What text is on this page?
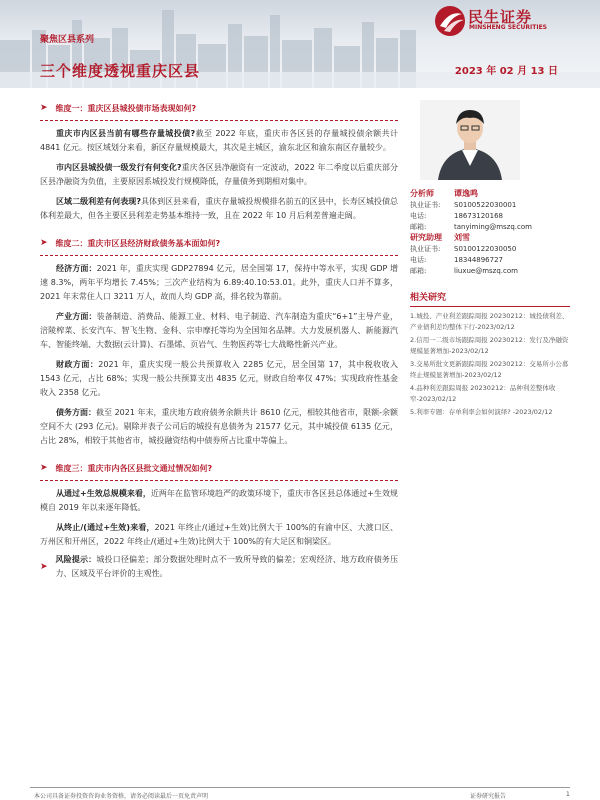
聚焦区县系列
三个维度透视重庆区县	2023 年 02 月 13 日
民生证券
MINSHENG SECURITIES
➤ 维度一：重庆区县城投债市场表现如何?

重庆市内区县当前有哪些存量城投债?截至 2022 年底，重庆市各区县的存量城投债余额共计 4841 亿元。按区域划分来看，新区存量规模最大，其次是主城区，渝东北区和渝东南区存量较少。

市内区县城投债一级发行有何变化?重庆各区县净融资有一定波动，2022 年二季度以后重庆部分区县净融资为负值，主要原因系城投发行规模降低，存量债务到期相对集中。

区域二级利差有何表现?具体到区县来看，重庆存量城投规模排名前五的区县中，长寿区城投债总体利差最大，但各主要区县利差走势基本维持一致，且在 2022 年 10 月后利差普遍走阔。

➤ 维度二：重庆市区县经济财政债务基本面如何?

经济方面：2021 年，重庆实现 GDP27894 亿元，居全国第 17，保持中等水平，实现 GDP 增速 8.3%，两年平均增长 7.45%；三次产业结构为 6.89:40.10:53.01。此外，重庆人口并不算多，2021 年末常住人口 3211 万人，故而人均 GDP 高，排名较为靠前。

产业方面：装备制造、消费品、能源工业、材料、电子制造、汽车制造为重庆“6+1”主导产业，涪陵榨菜、长安汽车、智飞生物、金科、宗申摩托等均为全国知名品牌。大力发展机器人、新能源汽车、智能终端、大数据(云计算)、石墨烯、页岩气、生物医药等七大战略性新兴产业。

财政方面：2021 年，重庆实现一般公共预算收入 2285 亿元，居全国第 17，其中税收收入 1543 亿元，占比 68%；实现一般公共预算支出 4835 亿元，财政自给率仅 47%；实现政府性基金收入 2358 亿元。

债务方面：截至 2021 年末，重庆地方政府债务余额共计 8610 亿元，相较其他省市，限额-余额空间不大 (293 亿元)。剔除并表子公司后的城投有息债务为 21577 亿元，其中城投债 6135 亿元，占比 28%，相较于其他省市，城投融资结构中债券所占比重中等偏上。

➤ 维度三：重庆市内各区县批文通过情况如何?

从通过+生效总规模来看，近两年在监管环境趋严的政策环境下，重庆市各区县总体通过+生效规模自 2019 年以来逐年降低。

从终止/(通过+生效)来看，2021 年终止/(通过+生效)比例大于 100%的有渝中区、大渡口区、万州区和开州区，2022 年终止/(通过+生效)比例大于 100%的有大足区和铜梁区。

➤
风险提示：城投口径偏差；部分数据处理时点不一致所导致的偏差；宏观经济、地方政府债务压力、区域及平台评价的主观性。
分析师	谭逸鸣
执业证书:	S0100522030001
电话:	18673120168
邮箱:	tanyiming@mszq.com
研究助理	刘雪
执业证书:	S0100122030050
电话:	18344896727
邮箱:	liuxue@mszq.com
相关研究
1.城投、产业利差跟踪周报 20230212：城投债利差、产业债利差均整体下行-2023/02/12
2.信用一二级市场跟踪周报 20230212：发行及净融资规模显著增加-2023/02/12
3.交易所批文更新跟踪周报 20230212：交易所小公募终止规模显著增加-2023/02/12
4.品种利差跟踪周报 20230212：品种利差整体收窄-2023/02/12
5.利率专题：存单利率会如何演绎? -2023/02/12
本公司具备证券投资咨询业务资格，请务必阅读最后一页免责声明	证券研究报告	1
